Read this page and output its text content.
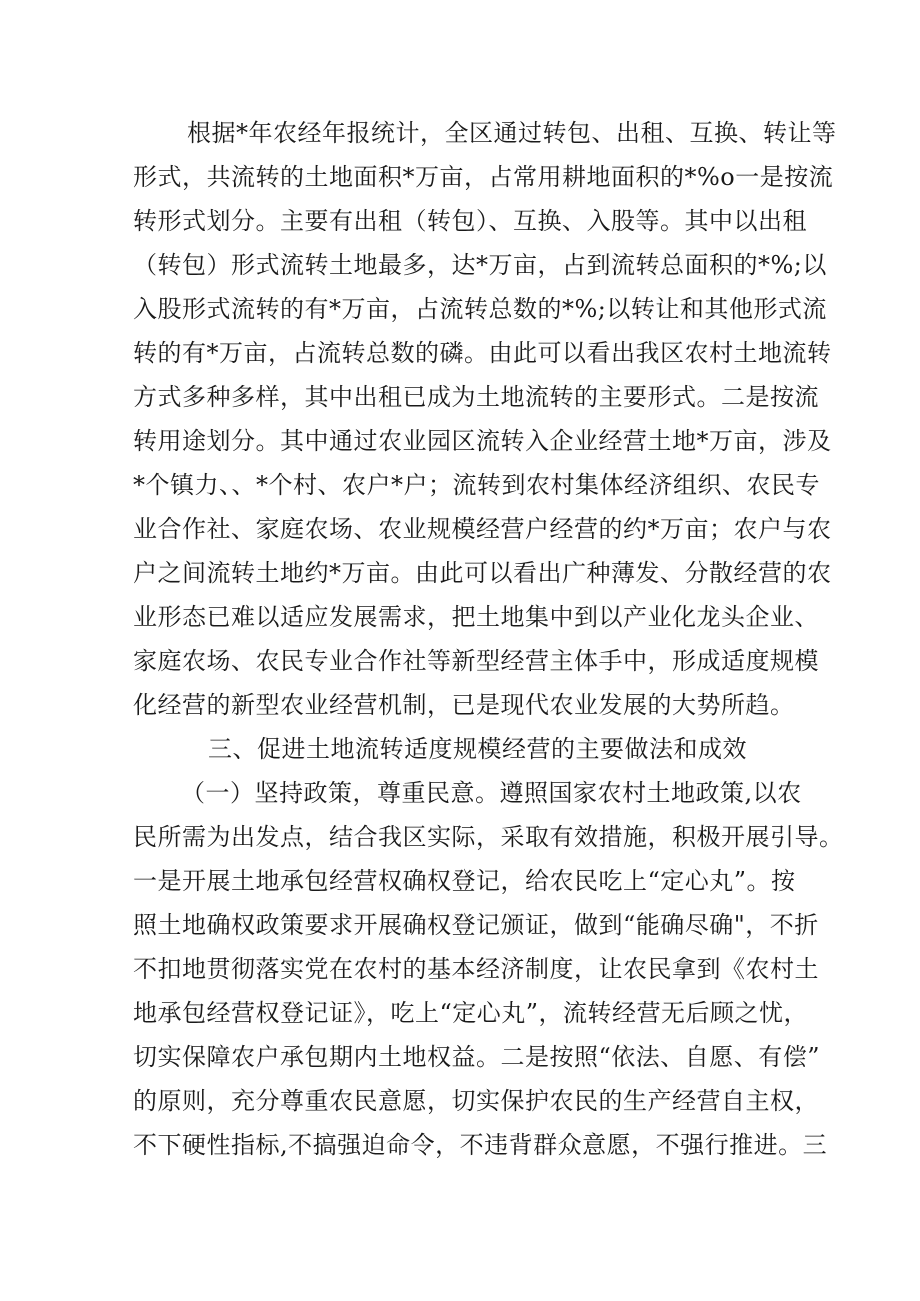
根据*年农经年报统计，全区通过转包、出租、互换、转让等
形式，共流转的土地面积*万亩，占常用耕地面积的*%o一是按流
转形式划分。主要有出租（转包）、互换、入股等。其中以出租
（转包）形式流转土地最多，达*万亩，占到流转总面积的*%;以
入股形式流转的有*万亩，占流转总数的*%;以转让和其他形式流
转的有*万亩，占流转总数的磷。由此可以看出我区农村土地流转
方式多种多样，其中出租已成为土地流转的主要形式。二是按流
转用途划分。其中通过农业园区流转入企业经营土地*万亩，涉及
*个镇力、、*个村、农户*户；流转到农村集体经济组织、农民专
业合作社、家庭农场、农业规模经营户经营的约*万亩；农户与农
户之间流转土地约*万亩。由此可以看出广种薄发、分散经营的农
业形态已难以适应发展需求，把土地集中到以产业化龙头企业、
家庭农场、农民专业合作社等新型经营主体手中，形成适度规模
化经营的新型农业经营机制，已是现代农业发展的大势所趋。
三、促进土地流转适度规模经营的主要做法和成效
（一）坚持政策，尊重民意。遵照国家农村土地政策,以农
民所需为出发点，结合我区实际，采取有效措施，积极开展引导。
一是开展土地承包经营权确权登记，给农民吃上“定心丸”。按
照土地确权政策要求开展确权登记颁证，做到“能确尽确"，不折
不扣地贯彻落实党在农村的基本经济制度，让农民拿到《农村土
地承包经营权登记证》，吃上“定心丸”，流转经营无后顾之忧，
切实保障农户承包期内土地权益。二是按照“依法、自愿、有偿”
的原则，充分尊重农民意愿，切实保护农民的生产经营自主权，
不下硬性指标,不搞强迫命令，不违背群众意愿，不强行推进。三
